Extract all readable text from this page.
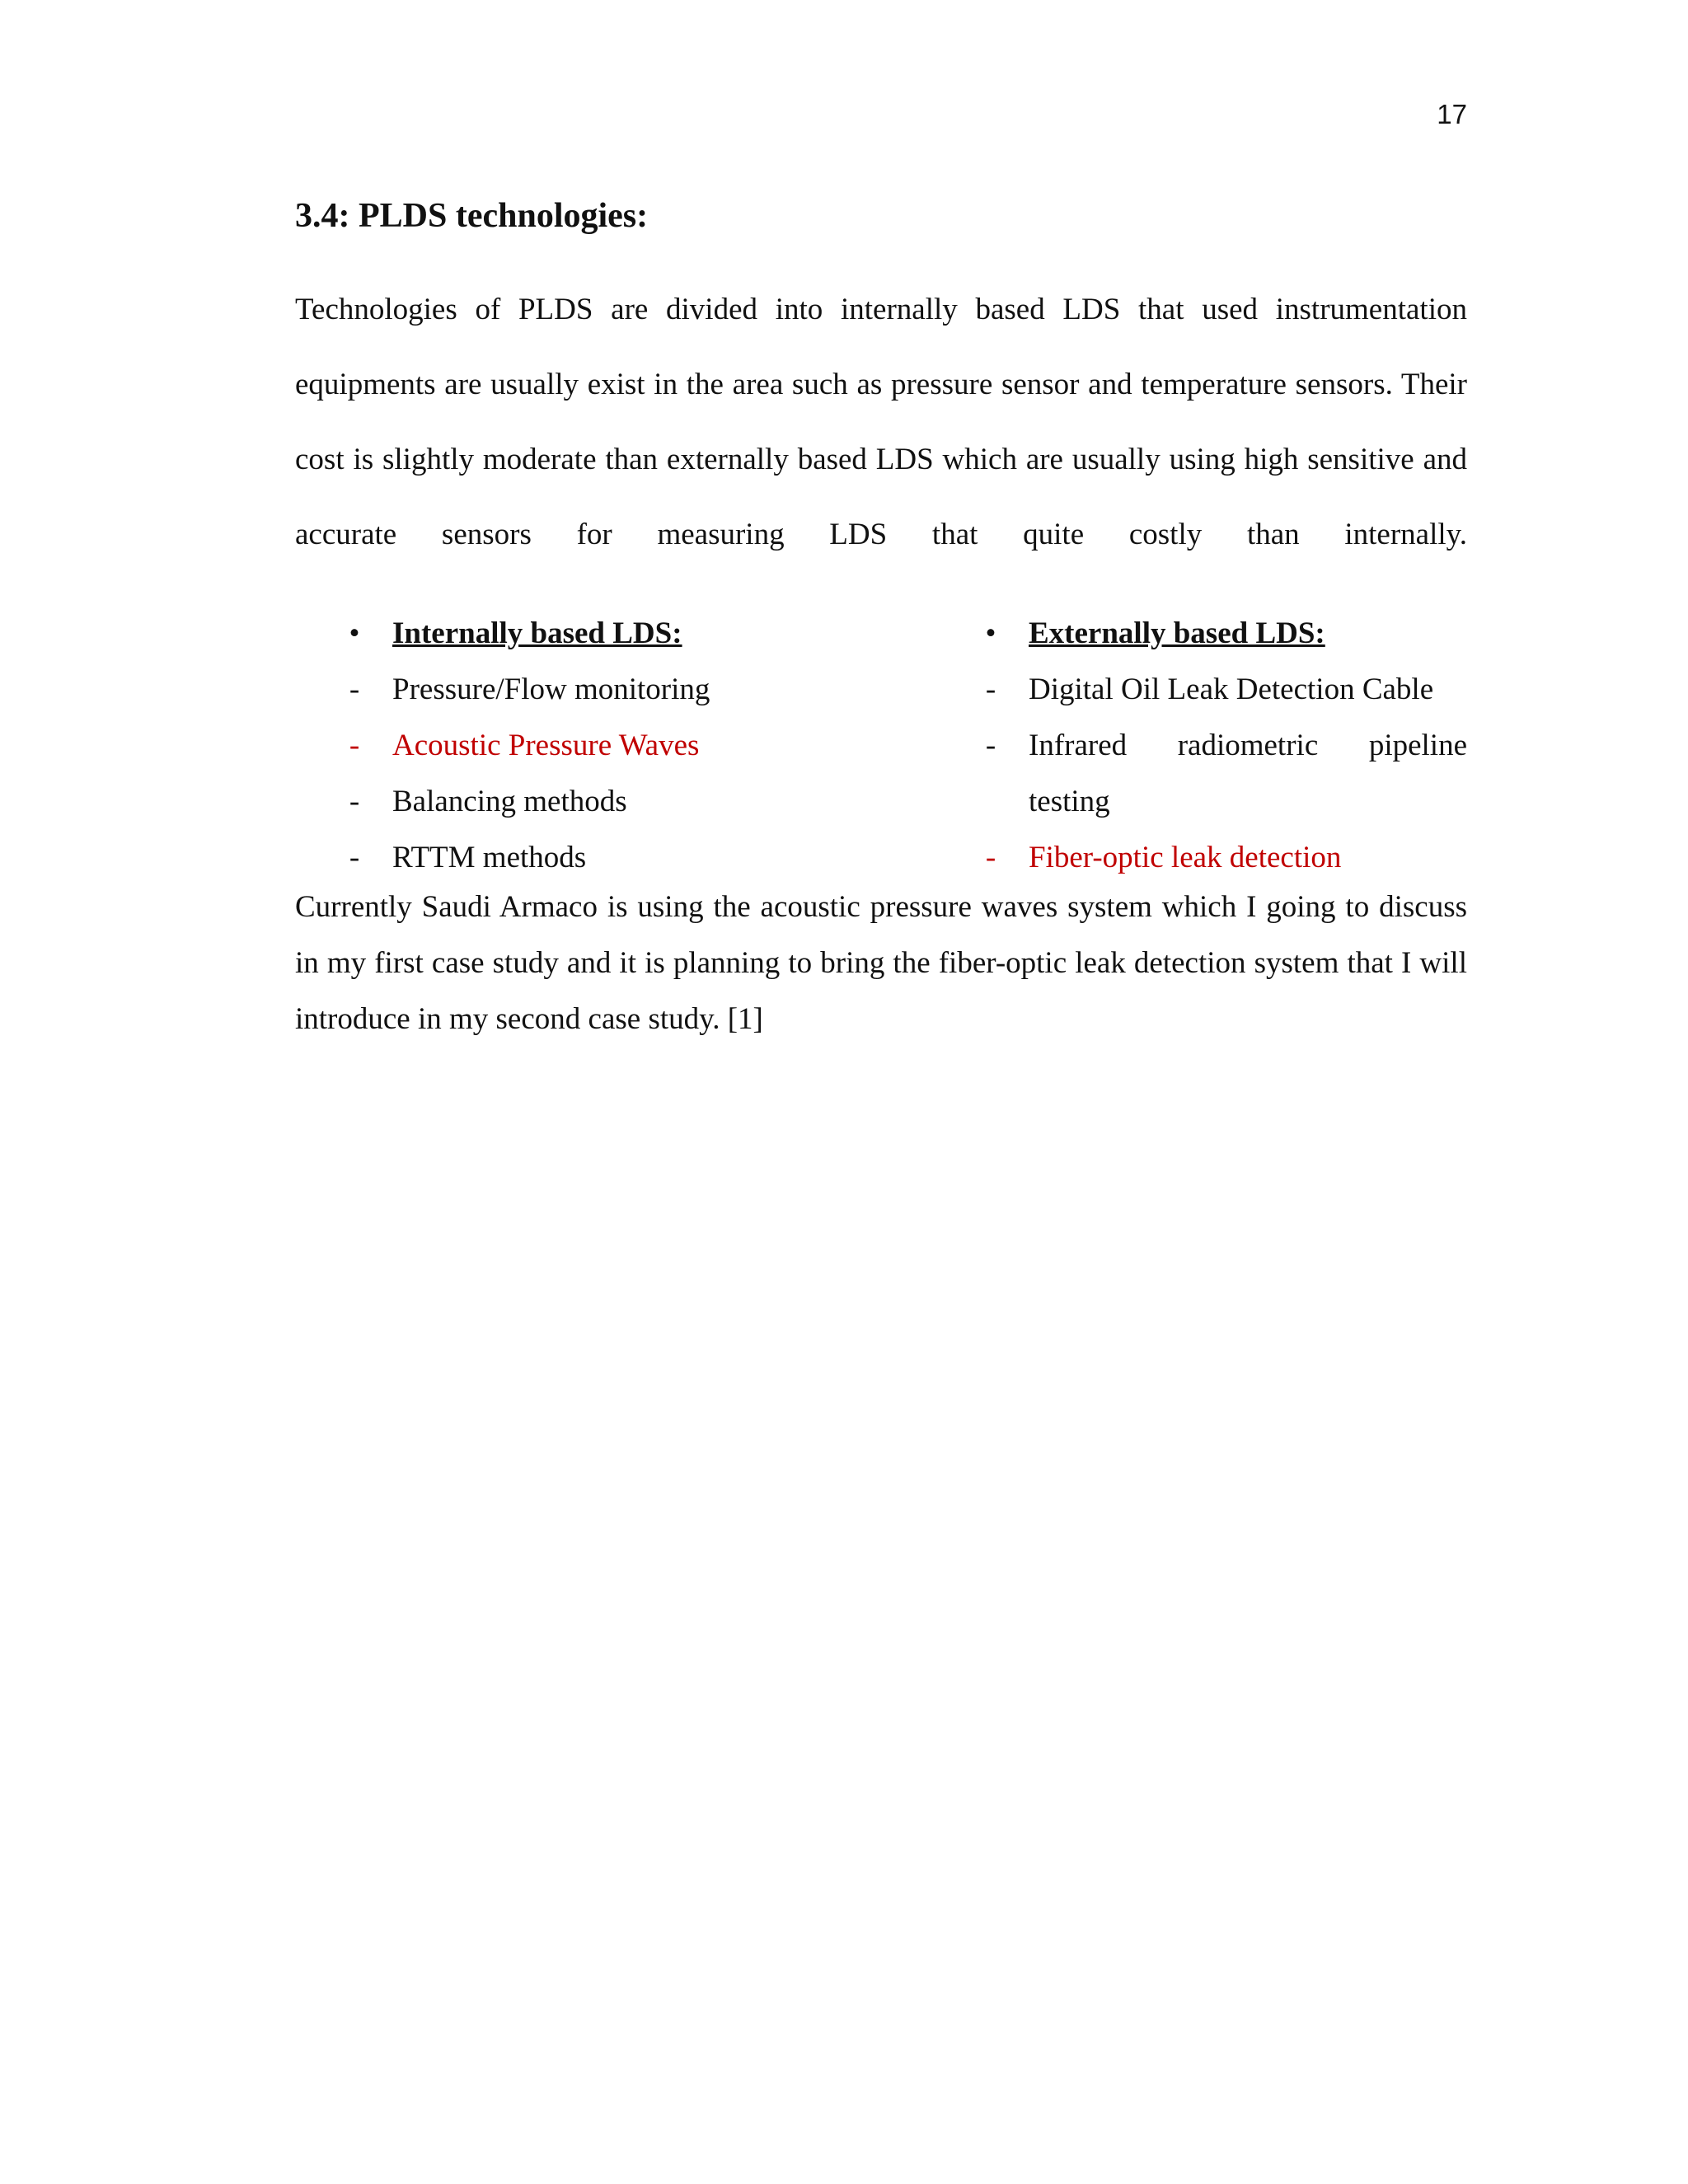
17
3.4: PLDS technologies:

Technologies of PLDS are divided into internally based LDS that used instrumentation equipments are usually exist in the area such as pressure sensor and temperature sensors. Their cost is slightly moderate than externally based LDS which are usually using high sensitive and accurate sensors for measuring LDS that quite costly than internally.

• Internally based LDS:
- Pressure/Flow monitoring
- Acoustic Pressure Waves
- Balancing methods
- RTTM methods
• Externally based LDS:
- Digital Oil Leak Detection Cable
- Infrared radiometric pipeline
testing
- Fiber-optic leak detection

Currently Saudi Armaco is using the acoustic pressure waves system which I going to discuss in my first case study and it is planning to bring the fiber-optic leak detection system that I will introduce in my second case study. [1]
